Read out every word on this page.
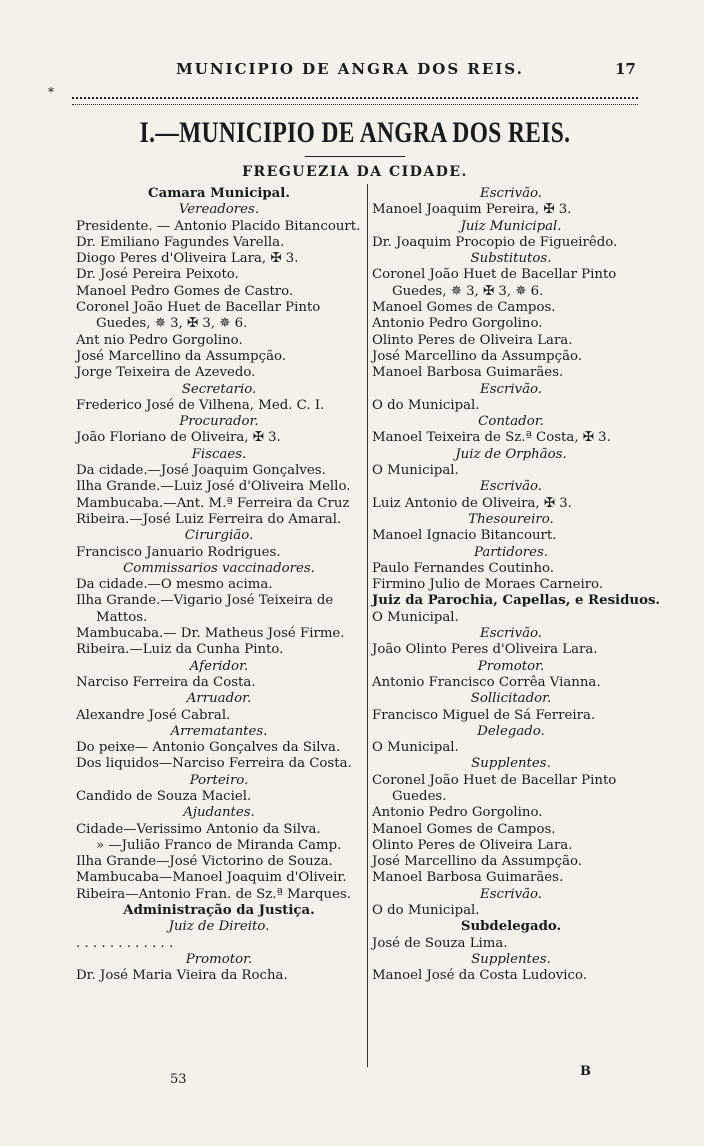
MUNICIPIO DE ANGRA DOS REIS.	17
*
I.—MUNICIPIO DE ANGRA DOS REIS.
FREGUEZIA DA CIDADE.
Camara Municipal.
Vereadores.
Presidente. — Antonio Placido Bitancourt.
Dr. Emiliano Fagundes Varella.
Diogo Peres d'Oliveira Lara, ✠ 3.
Dr. José Pereira Peixoto.
Manoel Pedro Gomes de Castro.
Coronel João Huet de Bacellar Pinto Guedes, ✵ 3, ✠ 3, ✵ 6.
Ant nio Pedro Gorgolino.
José Marcellino da Assumpção.
Jorge Teixeira de Azevedo.
Secretario.
Frederico José de Vilhena, Med. C. I.
Procurador.
João Floriano de Oliveira, ✠ 3.
Fiscaes.
Da cidade.—José Joaquim Gonçalves.
Ilha Grande.—Luiz José d'Oliveira Mello.
Mambucaba.—Ant. M.ª Ferreira da Cruz
Ribeira.—José Luiz Ferreira do Amaral.
Cirurgião.
Francisco Januario Rodrigues.
Commissarios vaccinadores.
Da cidade.—O mesmo acima.
Ilha Grande.—Vigario José Teixeira de Mattos.
Mambucaba.— Dr. Matheus José Firme.
Ribeira.—Luiz da Cunha Pinto.
Aferidor.
Narciso Ferreira da Costa.
Arruador.
Alexandre José Cabral.
Arrematantes.
Do peixe— Antonio Gonçalves da Silva.
Dos liquidos—Narciso Ferreira da Costa.
Porteiro.
Candido de Souza Maciel.
Ajudantes.
Cidade—Verissimo Antonio da Silva.
» —Julião Franco de Miranda Camp.
Ilha Grande—José Victorino de Souza.
Mambucaba—Manoel Joaquim d'Oliveir.
Ribeira—Antonio Fran. de Sz.ª Marques.
Administração da Justiça.
Juiz de Direito.
. . . . . . . . . . . .
Promotor.
Dr. José Maria Vieira da Rocha.
Escrivão.
Manoel Joaquim Pereira, ✠ 3.
Juiz Municipal.
Dr. Joaquim Procopio de Figueirêdo.
Substitutos.
Coronel João Huet de Bacellar Pinto Guedes, ✵ 3, ✠ 3, ✵ 6.
Manoel Gomes de Campos.
Antonio Pedro Gorgolino.
Olinto Peres de Oliveira Lara.
José Marcellino da Assumpção.
Manoel Barbosa Guimarães.
Escrivão.
O do Municipal.
Contador.
Manoel Teixeira de Sz.ª Costa, ✠ 3.
Juiz de Orphãos.
O Municipal.
Escrivão.
Luiz Antonio de Oliveira, ✠ 3.
Thesoureiro.
Manoel Ignacio Bitancourt.
Partidores.
Paulo Fernandes Coutinho.
Firmino Julio de Moraes Carneiro.
Juiz da Parochia, Capellas, e Residuos.
O Municipal.
Escrivão.
João Olinto Peres d'Oliveira Lara.
Promotor.
Antonio Francisco Corrêa Vianna.
Sollicitador.
Francisco Miguel de Sá Ferreira.
Delegado.
O Municipal.
Supplentes.
Coronel João Huet de Bacellar Pinto Guedes.
Antonio Pedro Gorgolino.
Manoel Gomes de Campos.
Olinto Peres de Oliveira Lara.
José Marcellino da Assumpção.
Manoel Barbosa Guimarães.
Escrivão.
O do Municipal.
Subdelegado.
José de Souza Lima.
Supplentes.
Manoel José da Costa Ludovico.
53
B
